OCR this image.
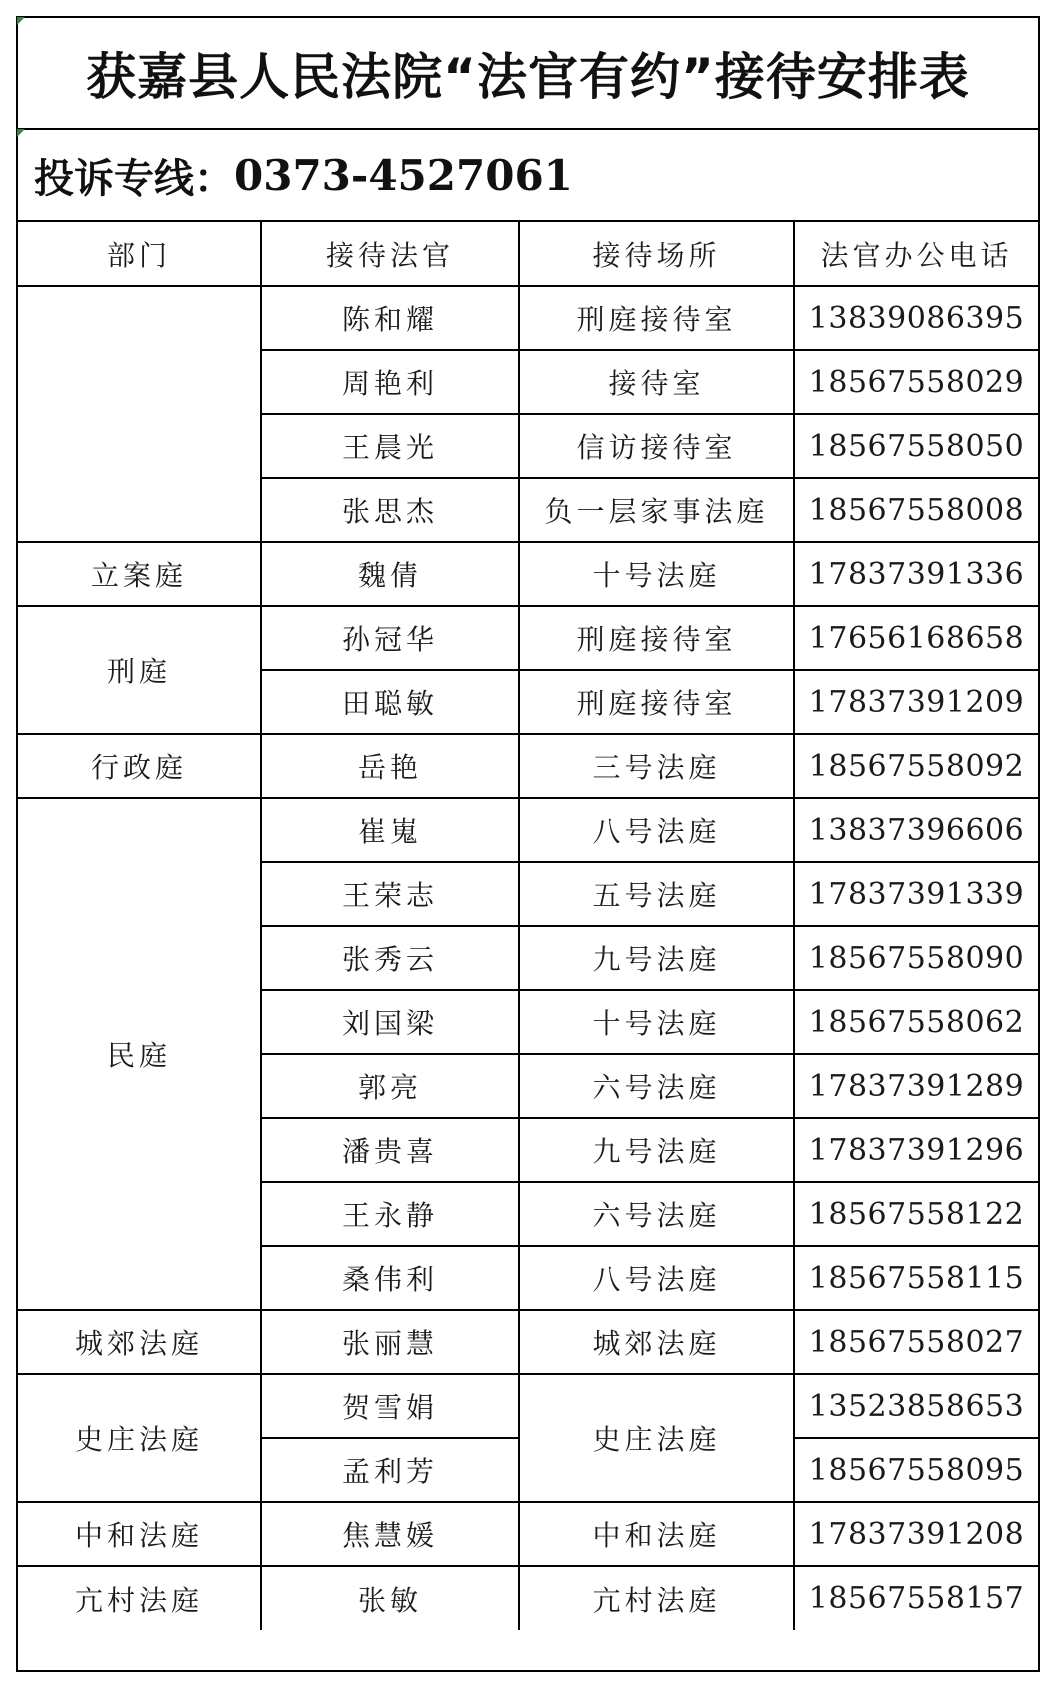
获嘉县人民法院“法官有约”接待安排表
投诉专线： 0373-4527061
部门	接待法官	接待场所	法官办公电话
	陈和耀	刑庭接待室	13839086395
	周艳利	接待室	18567558029
	王晨光	信访接待室	18567558050
	张思杰	负一层家事法庭	18567558008
立案庭	魏倩	十号法庭	17837391336
刑庭	孙冠华	刑庭接待室	17656168658
	田聪敏	刑庭接待室	17837391209
行政庭	岳艳	三号法庭	18567558092
民庭	崔嵬	八号法庭	13837396606
	王荣志	五号法庭	17837391339
	张秀云	九号法庭	18567558090
	刘国梁	十号法庭	18567558062
	郭亮	六号法庭	17837391289
	潘贵喜	九号法庭	17837391296
	王永静	六号法庭	18567558122
	桑伟利	八号法庭	18567558115
城郊法庭	张丽慧	城郊法庭	18567558027
史庄法庭	贺雪娟	史庄法庭	13523858653
	孟利芳		18567558095
中和法庭	焦慧媛	中和法庭	17837391208
亢村法庭	张敏	亢村法庭	18567558157
